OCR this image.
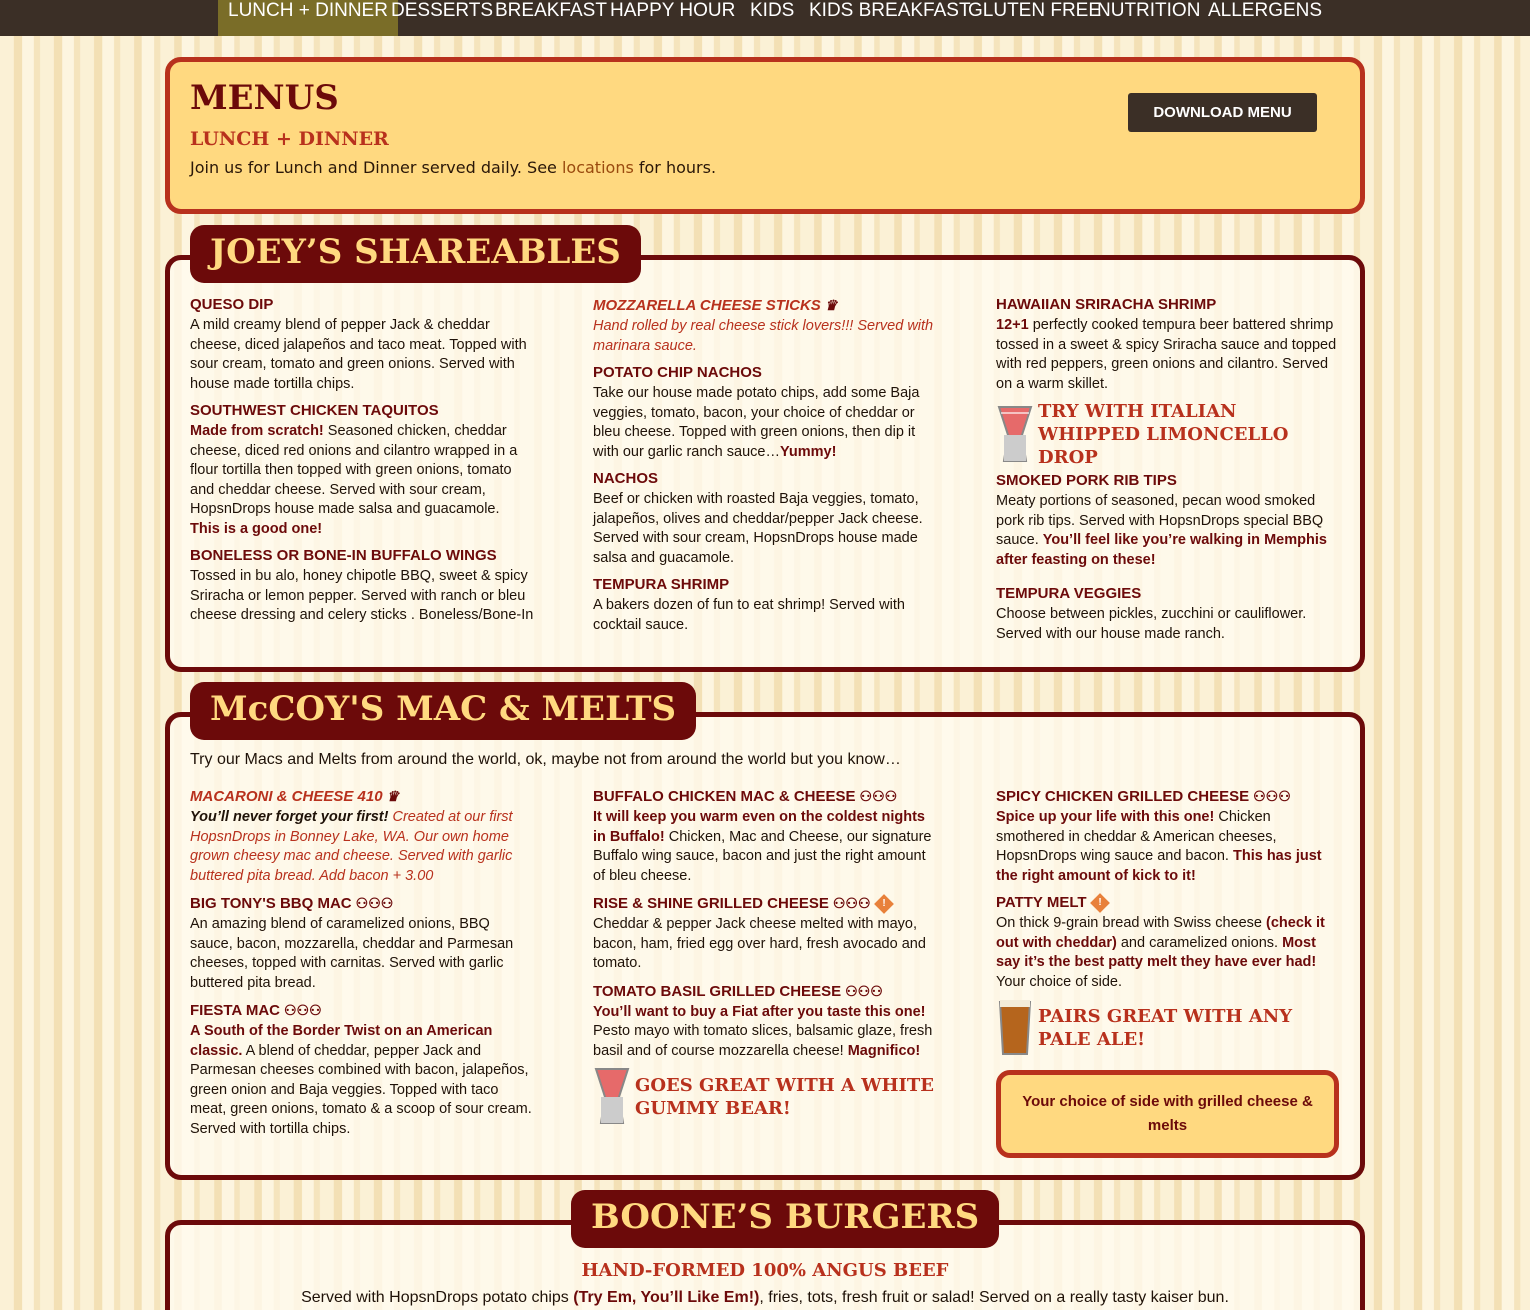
LUNCH + DINNER DESSERTS BREAKFAST HAPPY HOUR KIDS KIDS BREAKFAST
GLUTEN FREE
NUTRITION ALLERGENS
MENUS
LUNCH + DINNER
Join us for Lunch and Dinner served daily. See locations for hours.
DOWNLOAD MENU
JOEY’S SHAREABLES
QUESO DIP
A mild creamy blend of pepper Jack & cheddar cheese, diced jalapeños and taco meat. Topped with sour cream, tomato and green onions. Served with house made tortilla chips.
SOUTHWEST CHICKEN TAQUITOS
Made from scratch! Seasoned chicken, cheddar cheese, diced red onions and cilantro wrapped in a flour tortilla then topped with green onions, tomato and cheddar cheese. Served with sour cream, HopsnDrops house made salsa and guacamole.
This is a good one!
BONELESS OR BONE-IN BUFFALO WINGS
Tossed in bu alo, honey chipotle BBQ, sweet & spicy Sriracha or lemon pepper. Served with ranch or bleu cheese dressing and celery sticks . Boneless/Bone-In
MOZZARELLA CHEESE STICKS ♛
Hand rolled by real cheese stick lovers!!! Served with marinara sauce.
POTATO CHIP NACHOS
Take our house made potato chips, add some Baja veggies, tomato, bacon, your choice of cheddar or bleu cheese. Topped with green onions, then dip it with our garlic ranch sauce…Yummy!
NACHOS
Beef or chicken with roasted Baja veggies, tomato, jalapeños, olives and cheddar/pepper Jack cheese. Served with sour cream, HopsnDrops house made salsa and guacamole.
TEMPURA SHRIMP
A bakers dozen of fun to eat shrimp! Served with cocktail sauce.
HAWAIIAN SRIRACHA SHRIMP
12+1 perfectly cooked tempura beer battered shrimp tossed in a sweet & spicy Sriracha sauce and topped with red peppers, green onions and cilantro. Served on a warm skillet.
TRY WITH ITALIAN WHIPPED LIMONCELLO DROP
SMOKED PORK RIB TIPS
Meaty portions of seasoned, pecan wood smoked pork rib tips. Served with HopsnDrops special BBQ sauce. You’ll feel like you’re walking in Memphis after feasting on these!
TEMPURA VEGGIES
Choose between pickles, zucchini or cauliflower. Served with our house made ranch.
McCOY'S MAC & MELTS
Try our Macs and Melts from around the world, ok, maybe not from around the world but you know…
MACARONI & CHEESE 410 ♛
You’ll never forget your first! Created at our first HopsnDrops in Bonney Lake, WA. Our own home grown cheesy mac and cheese. Served with garlic buttered pita bread. Add bacon + 3.00
BIG TONY'S BBQ MAC ⚇⚇⚇
An amazing blend of caramelized onions, BBQ sauce, bacon, mozzarella, cheddar and Parmesan cheeses, topped with carnitas. Served with garlic buttered pita bread.
FIESTA MAC ⚇⚇⚇
A South of the Border Twist on an American classic. A blend of cheddar, pepper Jack and Parmesan cheeses combined with bacon, jalapeños, green onion and Baja veggies. Topped with taco meat, green onions, tomato & a scoop of sour cream. Served with tortilla chips.
BUFFALO CHICKEN MAC & CHEESE ⚇⚇⚇
It will keep you warm even on the coldest nights in Buffalo! Chicken, Mac and Cheese, our signature Buffalo wing sauce, bacon and just the right amount of bleu cheese.
RISE & SHINE GRILLED CHEESE ⚇⚇⚇	!
Cheddar & pepper Jack cheese melted with mayo, bacon, ham, fried egg over hard, fresh avocado and tomato.
TOMATO BASIL GRILLED CHEESE ⚇⚇⚇
You’ll want to buy a Fiat after you taste this one! Pesto mayo with tomato slices, balsamic glaze, fresh basil and of course mozzarella cheese! Magnifico!
GOES GREAT WITH A WHITE GUMMY BEAR!
SPICY CHICKEN GRILLED CHEESE ⚇⚇⚇
Spice up your life with this one! Chicken smothered in cheddar & American cheeses, HopsnDrops wing sauce and bacon. This has just the right amount of kick to it!
PATTY MELT	!
On thick 9-grain bread with Swiss cheese (check it out with cheddar) and caramelized onions. Most say it’s the best patty melt they have ever had! Your choice of side.
PAIRS GREAT WITH ANY PALE ALE!
Your choice of side with grilled cheese & melts
BOONE’S BURGERS
HAND-FORMED 100% ANGUS BEEF
Served with HopsnDrops potato chips (Try Em, You’ll Like Em!), fries, tots, fresh fruit or salad! Served on a really tasty kaiser bun.
